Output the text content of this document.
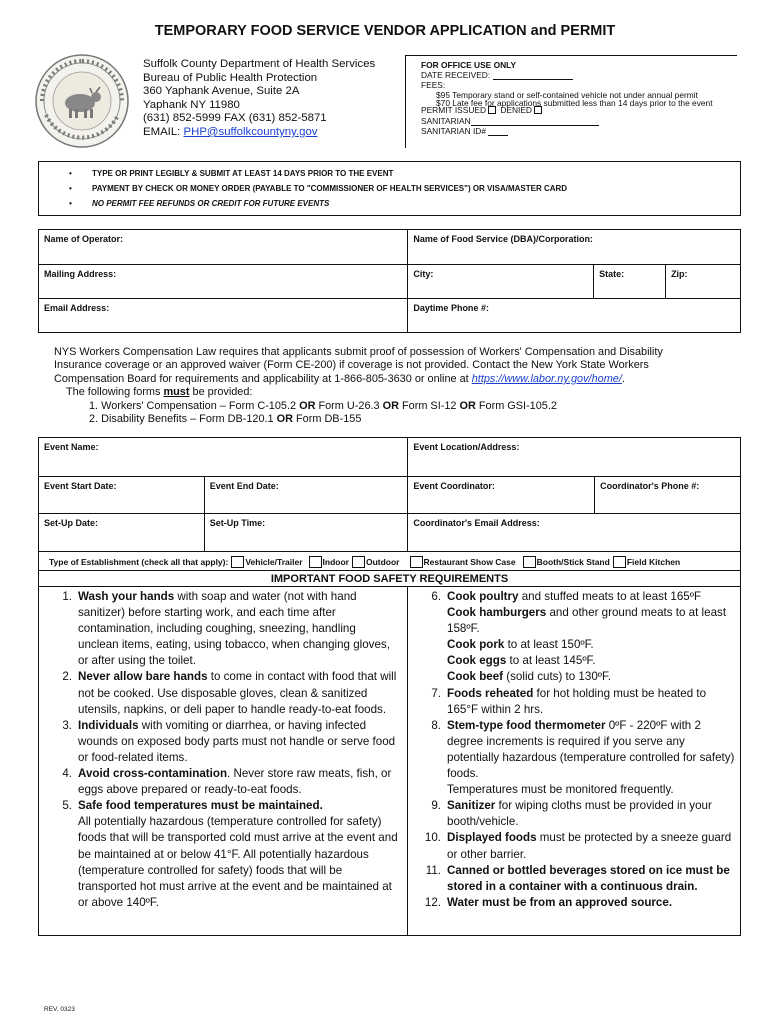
TEMPORARY FOOD SERVICE VENDOR APPLICATION and PERMIT
Suffolk County Department of Health Services
Bureau of Public Health Protection
360 Yaphank Avenue, Suite 2A
Yaphank NY 11980
(631) 852-5999 FAX (631) 852-5871
EMAIL: PHP@suffolkcountyny.gov
FOR OFFICE USE ONLY
DATE RECEIVED:
FEES:
$95 Temporary stand or self-contained vehicle not under annual permit
$70 Late fee for applications submitted less than 14 days prior to the event
PERMIT ISSUED DENIED
SANITARIAN
SANITARIAN ID#
•	TYPE OR PRINT LEGIBLY & SUBMIT AT LEAST 14 DAYS PRIOR TO THE EVENT
•	PAYMENT BY CHECK OR MONEY ORDER (PAYABLE TO "COMMISSIONER OF HEALTH SERVICES") OR VISA/MASTER CARD
•	NO PERMIT FEE REFUNDS OR CREDIT FOR FUTURE EVENTS
Name of Operator:	Name of Food Service (DBA)/Corporation:		
Mailing Address:	City:	State:	Zip:
Email Address:	Daytime Phone #:		
NYS Workers Compensation Law requires that applicants submit proof of possession of Workers' Compensation and Disability
Insurance coverage or an approved waiver (Form CE-200) if coverage is not provided. Contact the New York State Workers
Compensation Board for requirements and applicability at 1-866-805-3630 or online at https://www.labor.ny.gov/home/.
The following forms must be provided:
1. Workers' Compensation – Form C-105.2 OR Form U-26.3 OR Form SI-12 OR Form GSI-105.2
2. Disability Benefits – Form DB-120.1 OR Form DB-155
Event Name:		Event Location/Address:	
Event Start Date:	Event End Date:	Event Coordinator:	Coordinator's Phone #:
Set-Up Date:	Set-Up Time:	Coordinator's Email Address:	
Type of Establishment (check all that apply): Vehicle/Trailer Indoor Outdoor	Restaurant Show Case Booth/Stick Stand Field Kitchen
IMPORTANT FOOD SAFETY REQUIREMENTS
1. Wash your hands with soap and water (not with hand sanitizer) before starting work, and each time after contamination, including coughing, sneezing, handling unclean items, eating, using tobacco, when changing gloves, or after using the toilet.
2. Never allow bare hands to come in contact with food that will not be cooked. Use disposable gloves, clean & sanitized utensils, napkins, or deli paper to handle ready-to-eat foods.
3. Individuals with vomiting or diarrhea, or having infected wounds on exposed body parts must not handle or serve food or food-related items.
4. Avoid cross-contamination. Never store raw meats, fish, or eggs above prepared or ready-to-eat foods.
5. Safe food temperatures must be maintained.
All potentially hazardous (temperature controlled for safety) foods that will be transported cold must arrive at the event and be maintained at or below 41°F. All potentially hazardous (temperature controlled for safety) foods that will be transported hot must arrive at the event and be maintained at or above 140ºF.
6. Cook poultry and stuffed meats to at least 165ºF
Cook hamburgers and other ground meats to at least 158ºF.
Cook pork to at least 150ºF.
Cook eggs to at least 145ºF.
Cook beef (solid cuts) to 130ºF.
7. Foods reheated for hot holding must be heated to 165°F within 2 hrs.
8. Stem-type food thermometer 0ºF - 220ºF with 2 degree increments is required if you serve any potentially hazardous (temperature controlled for safety) foods.
Temperatures must be monitored frequently.
9. Sanitizer for wiping cloths must be provided in your booth/vehicle.
10. Displayed foods must be protected by a sneeze guard or other barrier.
11. Canned or bottled beverages stored on ice must be stored in a container with a continuous drain.
12. Water must be from an approved source.
REV. 0323
